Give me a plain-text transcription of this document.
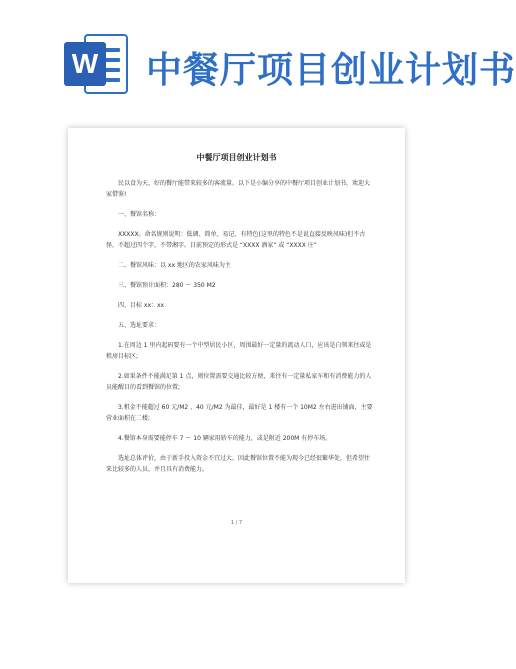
W 中餐厅项目创业计划书
中餐厅项目创业计划书

民以食为天，好的餐厅能带来较多的客流量。以下是小编分享的中餐厅项目创业计划书，欢迎大家借鉴!

一、餐馆名称：

XXXXX。命名规则说明：低调、简单、易记、有特色(这里的特色不是说直接反映风味)但不古怪，不超过四个字，不带湘字。目前预定的形式是 “XXXX 酒家” 或 “XXXX 庄”

二、餐馆风味：以 xx 地区的农家风味为主

三、餐馆预计面积：280 ～ 350 M2

四、目标 xx：xx

五、选址要求：

1.在周边 1 里内起码要有一个中型居民小区，周围最好一定量的流动人口，应该是白领来往或是租房目标区;

2.如果条件不能满足第 1 点，则位置需要交通比较方便，来往有一定量私家车和有消费能力的人员能醒目的看到餐馆的位置;

3.租金不能超过 60 元/M2 ，40 元/M2 为最佳，最好是 1 楼有一个 10M2 左右进出铺面，主要营业面积在二楼;

4.餐馆本身需要能停车 7 ～ 10 辆家用轿车的能力，或是附近 200M 有停车场。

选址总体评价，由于新手投入资金不宜过大，因此餐馆位置不能为现今已经很繁华处，但希望往来比较多的人员，并且具有消费能力。

1 / 7
